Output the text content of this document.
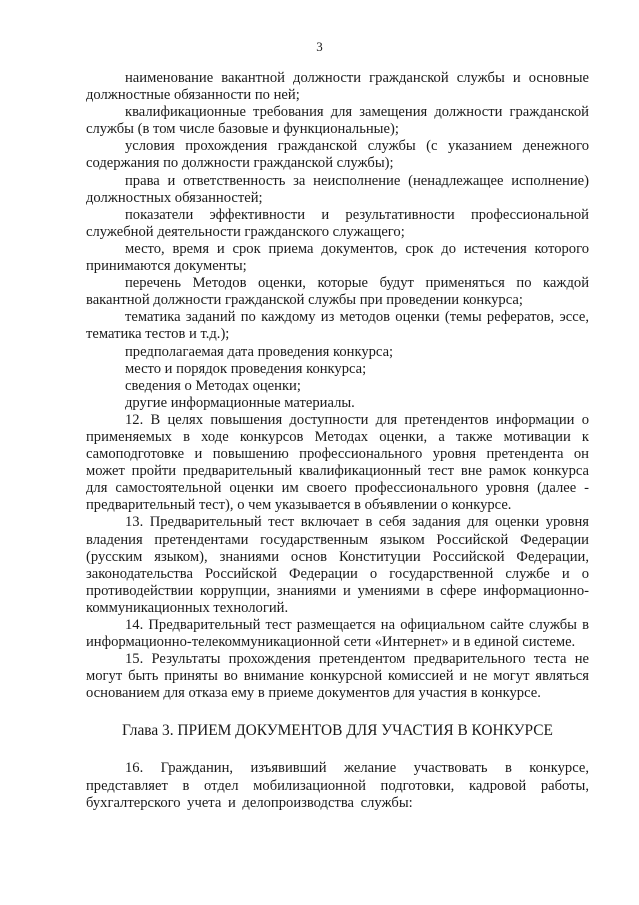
3

наименование вакантной должности гражданской службы и основные должностные обязанности по ней;

квалификационные требования для замещения должности гражданской службы (в том числе базовые и функциональные);

условия прохождения гражданской службы (с указанием денежного содержания по должности гражданской службы);

права и ответственность за неисполнение (ненадлежащее исполнение) должностных обязанностей;

показатели эффективности и результативности профессиональной служебной деятельности гражданского служащего;

место, время и срок приема документов, срок до истечения которого принимаются документы;

перечень Методов оценки, которые будут применяться по каждой вакантной должности гражданской службы при проведении конкурса;

тематика заданий по каждому из методов оценки (темы рефератов, эссе, тематика тестов и т.д.);

предполагаемая дата проведения конкурса;

место и порядок проведения конкурса;

сведения о Методах оценки;

другие информационные материалы.

12. В целях повышения доступности для претендентов информации о применяемых в ходе конкурсов Методах оценки, а также мотивации к самоподготовке и повышению профессионального уровня претендента он может пройти предварительный квалификационный тест вне рамок конкурса для самостоятельной оценки им своего профессионального уровня (далее - предварительный тест), о чем указывается в объявлении о конкурсе.

13. Предварительный тест включает в себя задания для оценки уровня владения претендентами государственным языком Российской Федерации (русским языком), знаниями основ Конституции Российской Федерации, законодательства Российской Федерации о государственной службе и о противодействии коррупции, знаниями и умениями в сфере информационно-коммуникационных технологий.

14. Предварительный тест размещается на официальном сайте службы в информационно-телекоммуникационной сети «Интернет» и в единой системе.

15. Результаты прохождения претендентом предварительного теста не могут быть приняты во внимание конкурсной комиссией и не могут являться основанием для отказа ему в приеме документов для участия в конкурсе.

Глава 3. ПРИЕМ ДОКУМЕНТОВ ДЛЯ УЧАСТИЯ В КОНКУРСЕ

16. Гражданин, изъявивший желание участвовать в конкурсе, представляет в отдел мобилизационной подготовки, кадровой работы, бухгалтерского учета и делопроизводства службы:
